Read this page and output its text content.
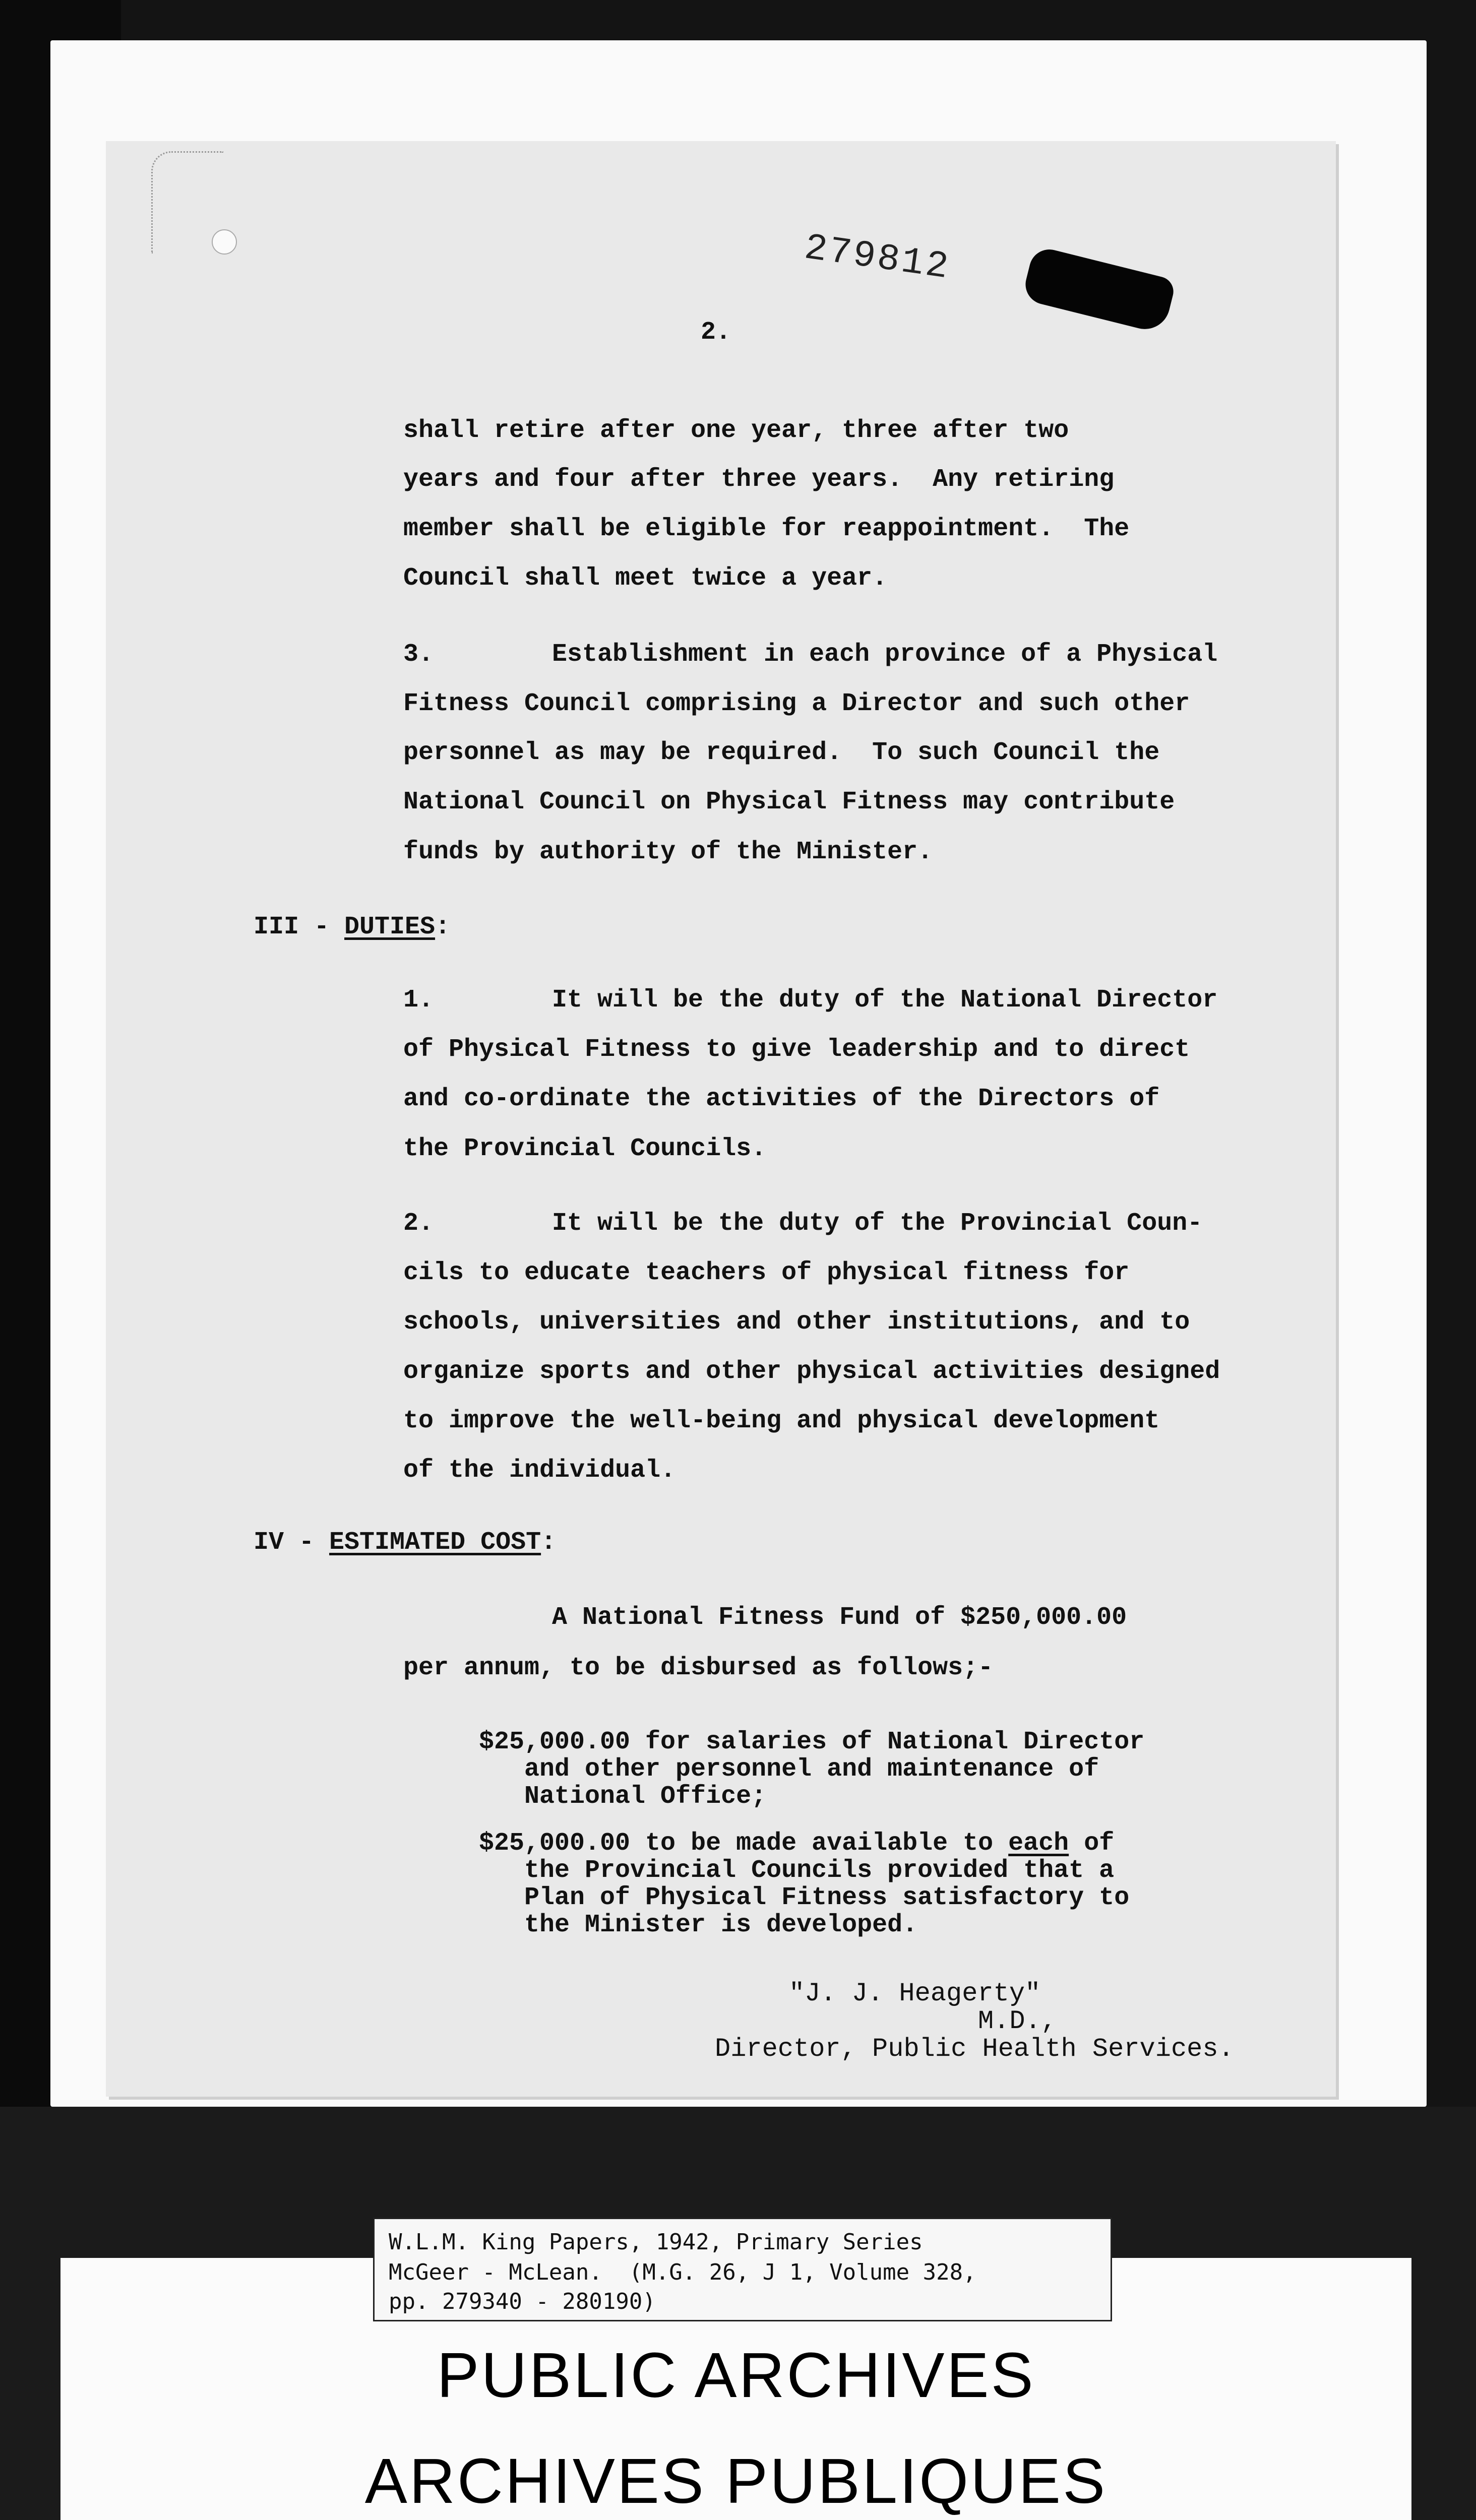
279812
2.
shall retire after one year, three after two
years and four after three years.  Any retiring
member shall be eligible for reappointment.  The
Council shall meet twice a year.
3.	Establishment in each province of a Physical
Fitness Council comprising a Director and such other
personnel as may be required.  To such Council the
National Council on Physical Fitness may contribute
funds by authority of the Minister.
III - DUTIES:
1.	It will be the duty of the National Director
of Physical Fitness to give leadership and to direct
and co-ordinate the activities of the Directors of
the Provincial Councils.
2.	It will be the duty of the Provincial Coun-
cils to educate teachers of physical fitness for
schools, universities and other institutions, and to
organize sports and other physical activities designed
to improve the well-being and physical development
of the individual.
IV - ESTIMATED COST:
A National Fitness Fund of $250,000.00
per annum, to be disbursed as follows;-
$25,000.00 for salaries of National Director
and other personnel and maintenance of
National Office;
$25,000.00 to be made available to each of
the Provincial Councils provided that a
Plan of Physical Fitness satisfactory to
the Minister is developed.
"J. J. Heagerty"
M.D.,
Director, Public Health Services.
PUBLIC ARCHIVES
ARCHIVES PUBLIQUES
W.L.M. King Papers, 1942, Primary Series
McGeer - McLean.  (M.G. 26, J 1, Volume 328,
pp. 279340 - 280190)
